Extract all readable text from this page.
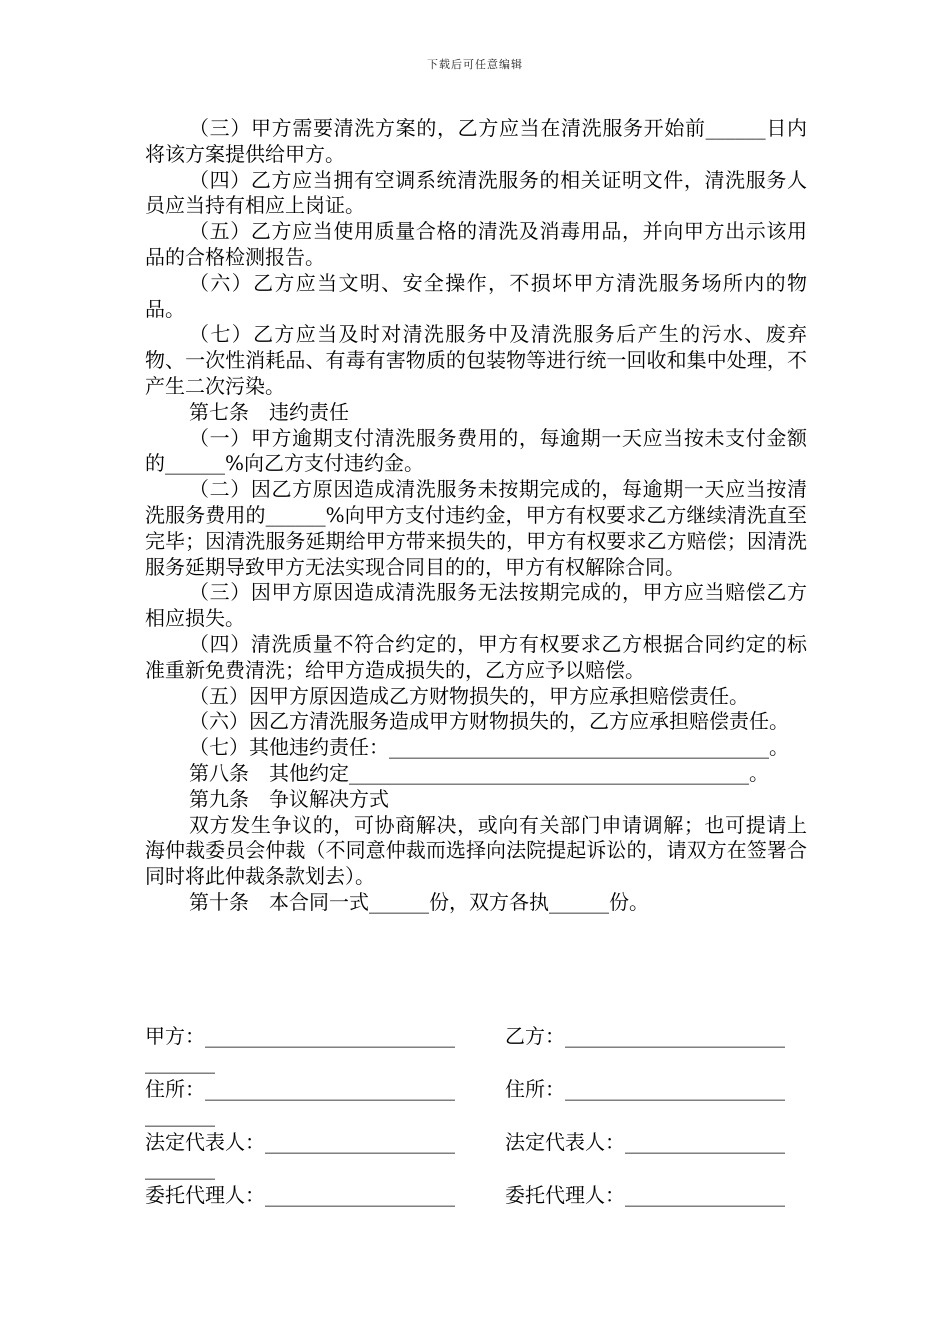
下载后可任意编辑

（三）甲方需要清洗方案的，乙方应当在清洗服务开始前______日内将该方案提供给甲方。

（四）乙方应当拥有空调系统清洗服务的相关证明文件，清洗服务人员应当持有相应上岗证。

（五）乙方应当使用质量合格的清洗及消毒用品，并向甲方出示该用品的合格检测报告。

（六）乙方应当文明、安全操作，不损坏甲方清洗服务场所内的物品。

（七）乙方应当及时对清洗服务中及清洗服务后产生的污水、废弃物、一次性消耗品、有毒有害物质的包装物等进行统一回收和集中处理，不产生二次污染。

第七条　违约责任

（一）甲方逾期支付清洗服务费用的，每逾期一天应当按未支付金额的______%向乙方支付违约金。

（二）因乙方原因造成清洗服务未按期完成的，每逾期一天应当按清洗服务费用的______%向甲方支付违约金，甲方有权要求乙方继续清洗直至完毕；因清洗服务延期给甲方带来损失的，甲方有权要求乙方赔偿；因清洗服务延期导致甲方无法实现合同目的的，甲方有权解除合同。

（三）因甲方原因造成清洗服务无法按期完成的，甲方应当赔偿乙方相应损失。

（四）清洗质量不符合约定的，甲方有权要求乙方根据合同约定的标准重新免费清洗；给甲方造成损失的，乙方应予以赔偿。

（五）因甲方原因造成乙方财物损失的，甲方应承担赔偿责任。

（六）因乙方清洗服务造成甲方财物损失的，乙方应承担赔偿责任。

（七）其他违约责任：______________________________________。

第八条　其他约定________________________________________。

第九条　争议解决方式

双方发生争议的，可协商解决，或向有关部门申请调解；也可提请上海仲裁委员会仲裁（不同意仲裁而选择向法院提起诉讼的，请双方在签署合同时将此仲裁条款划去）。

第十条　本合同一式______份，双方各执______份。

甲方：_________________________	乙方：______________________
_______
住所：_________________________	住所：______________________
_______
法定代表人：___________________	法定代表人：________________
_______
委托代理人：___________________	委托代理人：________________
